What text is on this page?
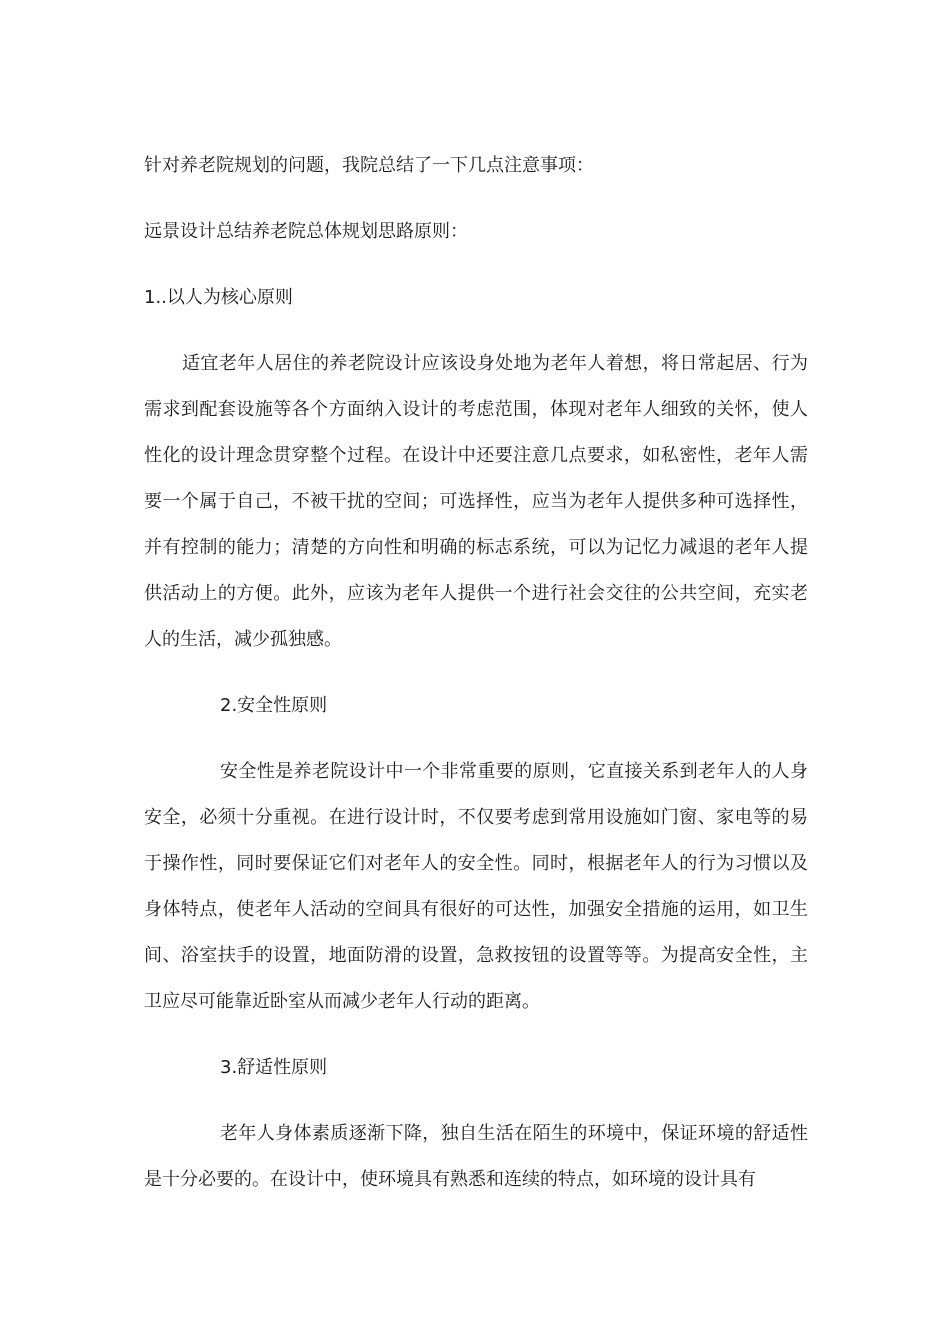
针对养老院规划的问题，我院总结了一下几点注意事项：

远景设计总结养老院总体规划思路原则：

1..以人为核心原则

适宜老年人居住的养老院设计应该设身处地为老年人着想，将日常起居、行为需求到配套设施等各个方面纳入设计的考虑范围，体现对老年人细致的关怀，使人性化的设计理念贯穿整个过程。在设计中还要注意几点要求，如私密性，老年人需要一个属于自己，不被干扰的空间；可选择性，应当为老年人提供多种可选择性，并有控制的能力；清楚的方向性和明确的标志系统，可以为记忆力减退的老年人提供活动上的方便。此外，应该为老年人提供一个进行社会交往的公共空间，充实老人的生活，减少孤独感。

2.安全性原则

安全性是养老院设计中一个非常重要的原则，它直接关系到老年人的人身安全，必须十分重视。在进行设计时，不仅要考虑到常用设施如门窗、家电等的易于操作性，同时要保证它们对老年人的安全性。同时，根据老年人的行为习惯以及身体特点，使老年人活动的空间具有很好的可达性，加强安全措施的运用，如卫生间、浴室扶手的设置，地面防滑的设置，急救按钮的设置等等。为提高安全性，主卫应尽可能靠近卧室从而减少老年人行动的距离。

3.舒适性原则

老年人身体素质逐渐下降，独自生活在陌生的环境中，保证环境的舒适性是十分必要的。在设计中，使环境具有熟悉和连续的特点，如环境的设计具有
